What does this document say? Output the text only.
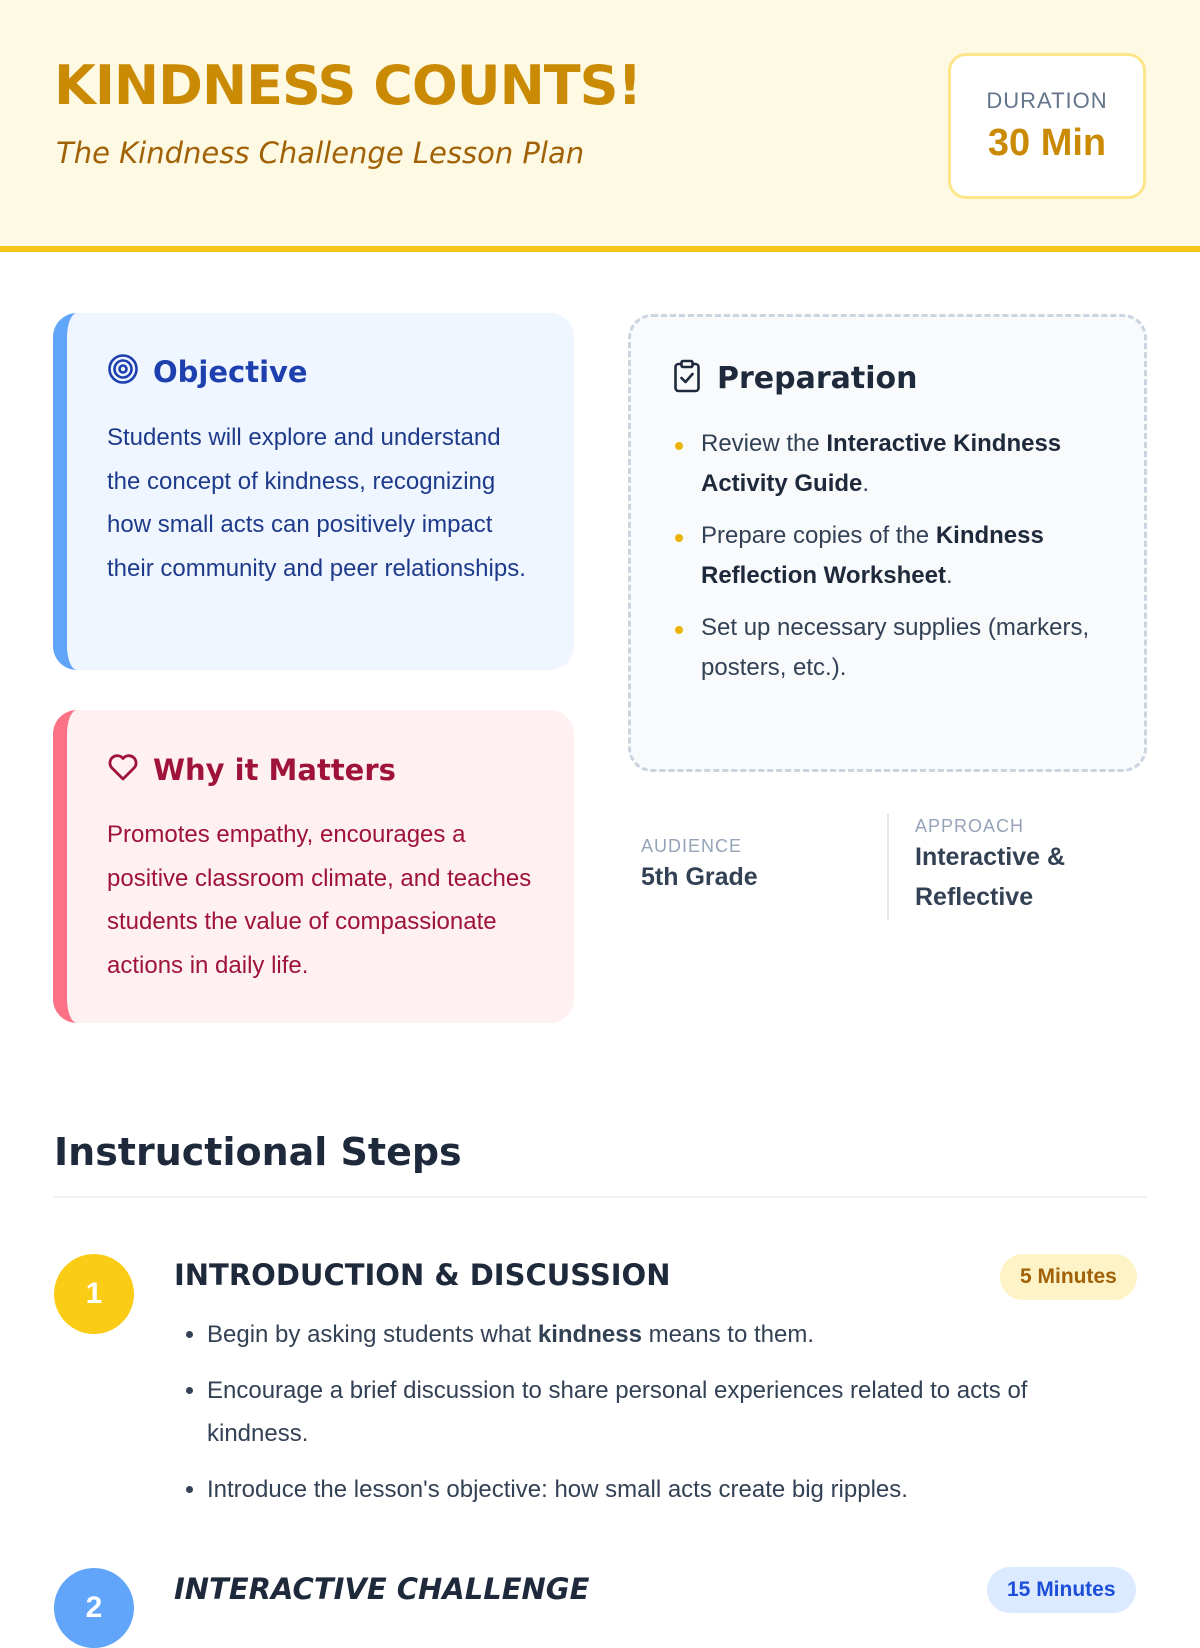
KINDNESS COUNTS!
The Kindness Challenge Lesson Plan
DURATION
30 Min
Objective
Students will explore and understand the concept of kindness, recognizing how small acts can positively impact their community and peer relationships.
Why it Matters
Promotes empathy, encourages a positive classroom climate, and teaches students the value of compassionate actions in daily life.
Preparation
Review the Interactive Kindness Activity Guide.
Prepare copies of the Kindness Reflection Worksheet.
Set up necessary supplies (markers, posters, etc.).
AUDIENCE
5th Grade
APPROACH
Interactive & Reflective
Instructional Steps
1
INTRODUCTION & DISCUSSION	5 Minutes
• Begin by asking students what kindness means to them.
• Encourage a brief discussion to share personal experiences related to acts of kindness.
• Introduce the lesson's objective: how small acts create big ripples.
2
INTERACTIVE CHALLENGE	15 Minutes
